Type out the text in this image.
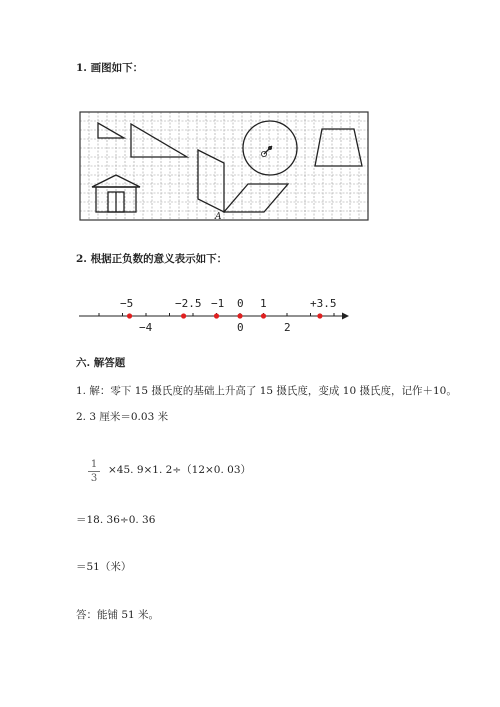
1. 画图如下：
A
2. 根据正负数的意义表示如下：
−5	−2.5 −1 0 1	+3.5
−4	0	2
六. 解答题
1. 解：零下 15 摄氏度的基础上升高了 15 摄氏度，变成 10 摄氏度，记作＋10。
2. 3 厘米＝0.03 米
1
3
×45. 9×1. 2÷（12×0. 03）
＝18. 36÷0. 36
＝51（米）
答：能铺 51 米。
